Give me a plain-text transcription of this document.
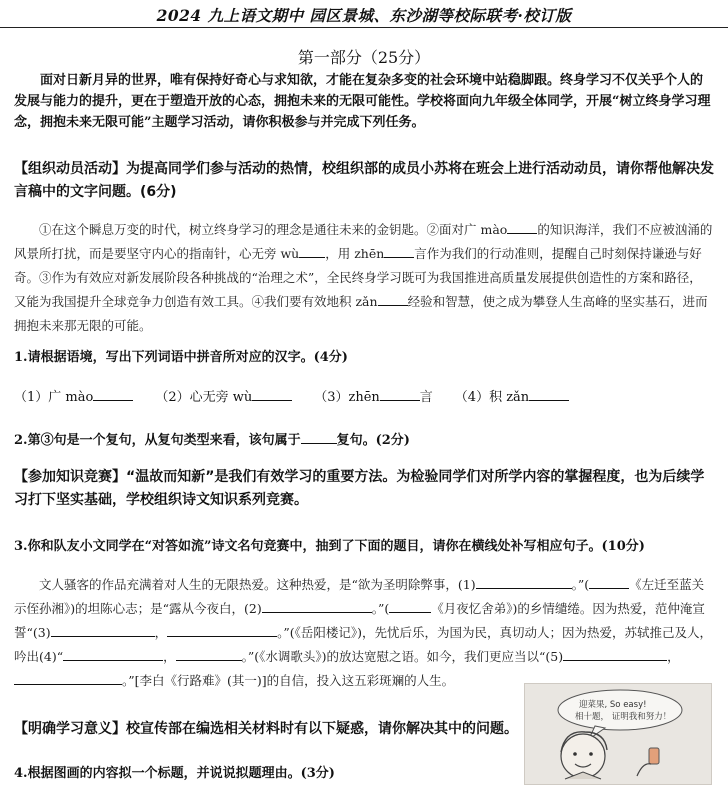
2024 九上语文期中 园区景城、东沙湖等校际联考·校订版
第一部分（25分）
面对日新月异的世界，唯有保持好奇心与求知欲，才能在复杂多变的社会环境中站稳脚跟。终身学习不仅关乎个人的发展与能力的提升，更在于塑造开放的心态，拥抱未来的无限可能性。学校将面向九年级全体同学，开展“树立终身学习理念，拥抱未来无限可能”主题学习活动，请你积极参与并完成下列任务。
【组织动员活动】为提高同学们参与活动的热情，校组织部的成员小苏将在班会上进行活动动员，请你帮他解决发言稿中的文字问题。(6分)
①在这个瞬息万变的时代，树立终身学习的理念是通往未来的金钥匙。②面对广 mào 的知识海洋，我们不应被汹涌的风景所打扰，而是要坚守内心的指南针，心无旁 wù ，用 zhēn 言作为我们的行动准则，提醒自己时刻保持谦逊与好奇。③作为有效应对新发展阶段各种挑战的“治理之术”，全民终身学习既可为我国推进高质量发展提供创造性的方案和路径，又能为我国提升全球竞争力创造有效工具。④我们要有效地积 zǎn 经验和智慧，使之成为攀登人生高峰的坚实基石，进而拥抱未来那无限的可能。
1.请根据语境，写出下列词语中拼音所对应的汉字。(4分)
（1）广 mào	（2）心无旁 wù	（3）zhēn	言 （4）积 zǎn
2.第③句是一个复句，从复句类型来看，该句属于	复句。(2分)
【参加知识竞赛】“温故而知新”是我们有效学习的重要方法。为检验同学们对所学内容的掌握程度，也为后续学习打下坚实基础，学校组织诗文知识系列竞赛。
3.你和队友小文同学在“对答如流”诗文名句竞赛中，抽到了下面的题目，请你在横线处补写相应句子。(10分)
文人骚客的作品充满着对人生的无限热爱。这种热爱，是“欲为圣明除弊事，(1)	。”(	《左迁至蓝关示侄孙湘》)的坦陈心志；是“露从今夜白，(2)	。”(	《月夜忆舍弟》)的乡情缱绻。因为热爱，范仲淹宣誓“(3)	，	。”(《岳阳楼记》)，先忧后乐，为国为民，真切动人；因为热爱，苏轼推己及人，吟出(4)“	，	。”(《水调歌头》)的放达宽慰之语。如今，我们更应当以“(5)	，。”[李白《行路难》(其一)]的自信，投入这五彩斑斓的人生。
【明确学习意义】校宣传部在编选相关材料时有以下疑惑，请你解决其中的问题。
4.根据图画的内容拟一个标题，并说说拟题理由。(3分)
迎菜果, So easy!
相十题， 证明我和努力！
